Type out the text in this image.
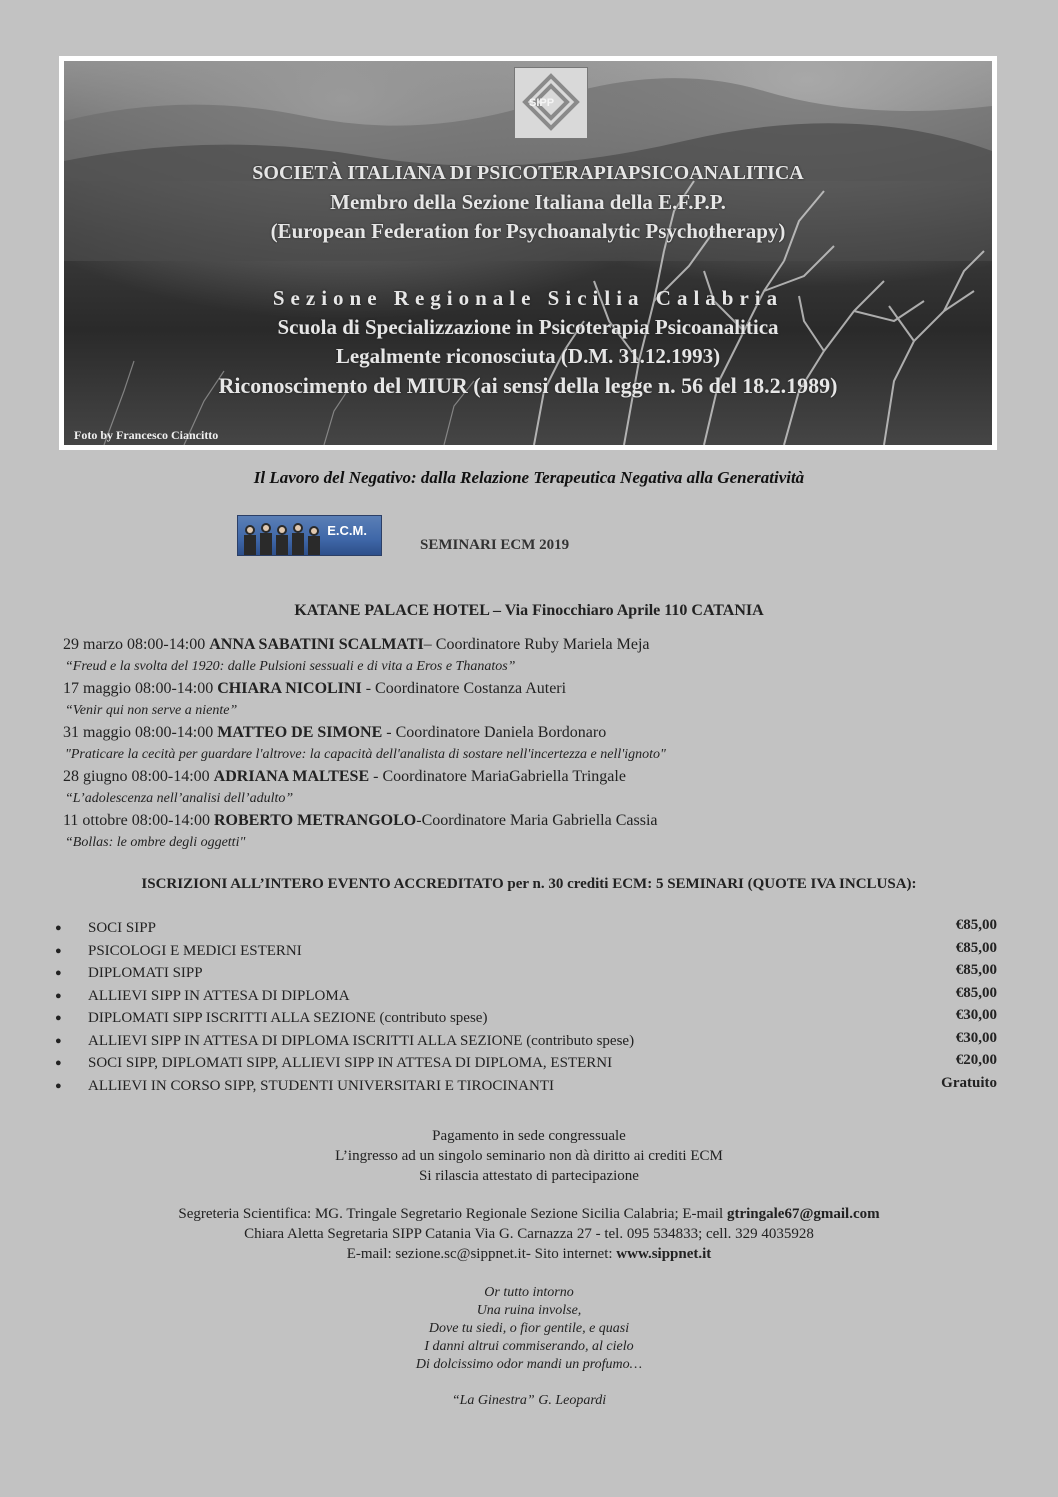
SIPP
SOCIETÀ ITALIANA DI PSICOTERAPIAPSICOANALITICA
Membro della Sezione Italiana della E.F.P.P.
(European Federation for Psychoanalytic Psychotherapy)
Sezione Regionale Sicilia Calabria
Scuola di Specializzazione in Psicoterapia Psicoanalitica
Legalmente riconosciuta (D.M. 31.12.1993)
Riconoscimento del MIUR (ai sensi della legge n. 56 del 18.2.1989)
Foto by Francesco Ciancitto
Il Lavoro del Negativo: dalla Relazione Terapeutica Negativa alla Generatività
E.C.M.
SEMINARI ECM 2019
KATANE PALACE HOTEL – Via Finocchiaro Aprile 110 CATANIA
29 marzo 08:00-14:00 ANNA SABATINI SCALMATI– Coordinatore Ruby Mariela Meja
“Freud e la svolta del 1920: dalle Pulsioni sessuali e di vita a Eros e Thanatos”
17 maggio 08:00-14:00 CHIARA NICOLINI - Coordinatore Costanza Auteri
“Venir qui non serve a niente”
31 maggio 08:00-14:00 MATTEO DE SIMONE - Coordinatore Daniela Bordonaro
"Praticare la cecità per guardare l'altrove: la capacità dell'analista di sostare nell'incertezza e nell'ignoto"
28 giugno 08:00-14:00 ADRIANA MALTESE - Coordinatore MariaGabriella Tringale
“L’adolescenza nell’analisi dell’adulto”
11 ottobre 08:00-14:00 ROBERTO METRANGOLO-Coordinatore Maria Gabriella Cassia
“Bollas: le ombre degli oggetti"
ISCRIZIONI ALL’INTERO EVENTO ACCREDITATO per n. 30 crediti ECM: 5 SEMINARI (QUOTE IVA INCLUSA):
● SOCI SIPP	€85,00
● PSICOLOGI E MEDICI ESTERNI	€85,00
● DIPLOMATI SIPP	€85,00
● ALLIEVI SIPP IN ATTESA DI DIPLOMA	€85,00
● DIPLOMATI SIPP ISCRITTI ALLA SEZIONE (contributo spese)	€30,00
● ALLIEVI SIPP IN ATTESA DI DIPLOMA ISCRITTI ALLA SEZIONE (contributo spese)	€30,00
● SOCI SIPP, DIPLOMATI SIPP, ALLIEVI SIPP IN ATTESA DI DIPLOMA, ESTERNI	€20,00
● ALLIEVI IN CORSO SIPP, STUDENTI UNIVERSITARI E TIROCINANTI	Gratuito
Pagamento in sede congressuale
L’ingresso ad un singolo seminario non dà diritto ai crediti ECM
Si rilascia attestato di partecipazione
Segreteria Scientifica: MG. Tringale Segretario Regionale Sezione Sicilia Calabria; E-mail gtringale67@gmail.com
Chiara Aletta Segretaria SIPP Catania Via G. Carnazza 27 - tel. 095 534833; cell. 329 4035928
E-mail: sezione.sc@sippnet.it- Sito internet: www.sippnet.it
Or tutto intorno
Una ruina involse,
Dove tu siedi, o fior gentile, e quasi
I danni altrui commiserando, al cielo
Di dolcissimo odor mandi un profumo…
“La Ginestra” G. Leopardi
